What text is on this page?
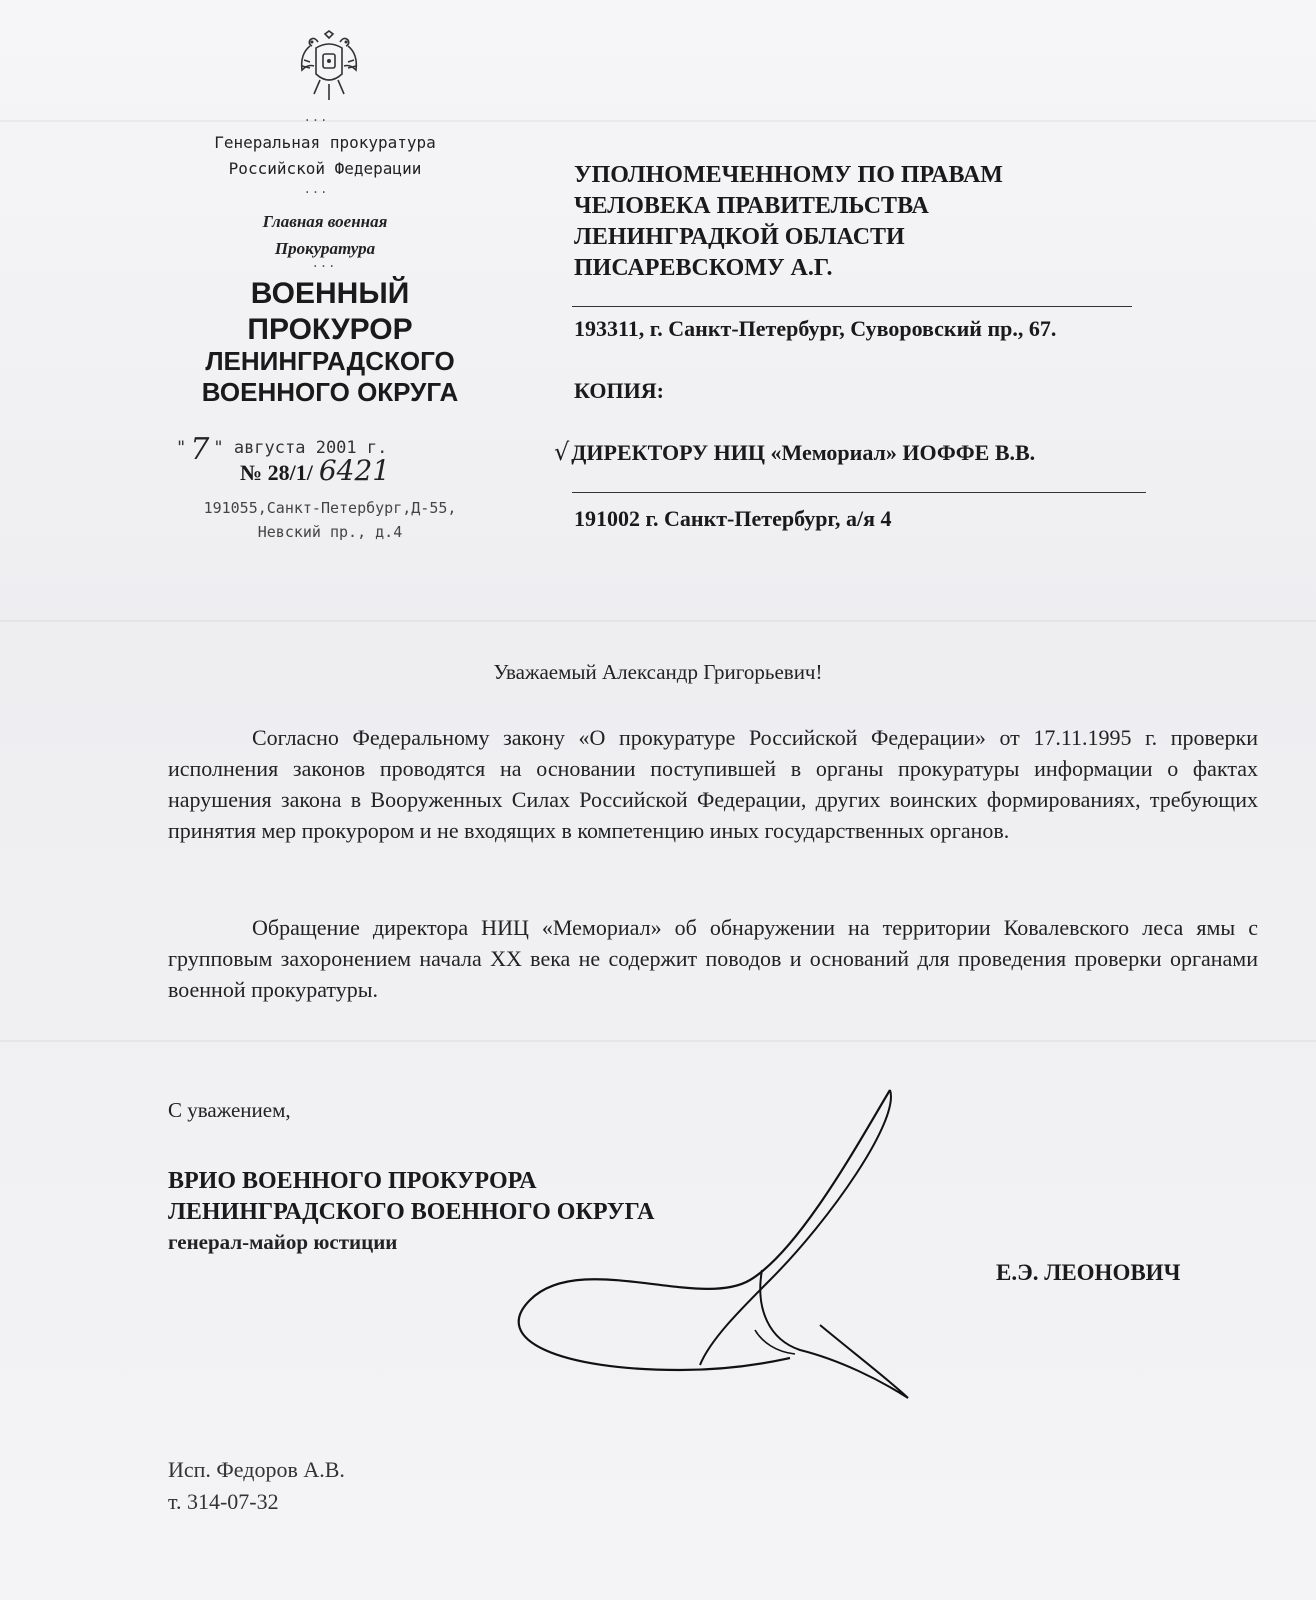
...
Генеральная прокуратура
Российской Федерации
...
Главная военная
Прокуратура
...
ВОЕННЫЙ
ПРОКУРОР
ЛЕНИНГРАДСКОГО
ВОЕННОГО ОКРУГА
" 7 " августа 2001 г.
№ 28/1/ 6421
191055,Санкт-Петербург,Д-55,
Невский пр., д.4
УПОЛНОМЕЧЕННОМУ ПО ПРАВАМ
ЧЕЛОВЕКА ПРАВИТЕЛЬСТВА
ЛЕНИНГРАДКОЙ ОБЛАСТИ
ПИСАРЕВСКОМУ А.Г.
193311, г. Санкт-Петербург, Суворовский пр., 67.
КОПИЯ:
√ДИРЕКТОРУ НИЦ «Мемориал» ИОФФЕ В.В.
191002 г. Санкт-Петербург, а/я 4
Уважаемый Александр Григорьевич!
Согласно Федеральному закону «О прокуратуре Российской Федерации» от 17.11.1995 г. проверки исполнения законов проводятся на основании поступившей в органы прокуратуры информации о фактах нарушения закона в Вооруженных Силах Российской Федерации, других воинских формированиях, требующих принятия мер прокурором и не входящих в компетенцию иных государственных органов.
Обращение директора НИЦ «Мемориал» об обнаружении на территории Ковалевского леса ямы с групповым захоронением начала XX века не содержит поводов и оснований для проведения проверки органами военной прокуратуры.
С уважением,
ВРИО ВОЕННОГО ПРОКУРОРА
ЛЕНИНГРАДСКОГО ВОЕННОГО ОКРУГА
генерал-майор юстиции
Е.Э. ЛЕОНОВИЧ
Исп. Федоров А.В.
т. 314-07-32
